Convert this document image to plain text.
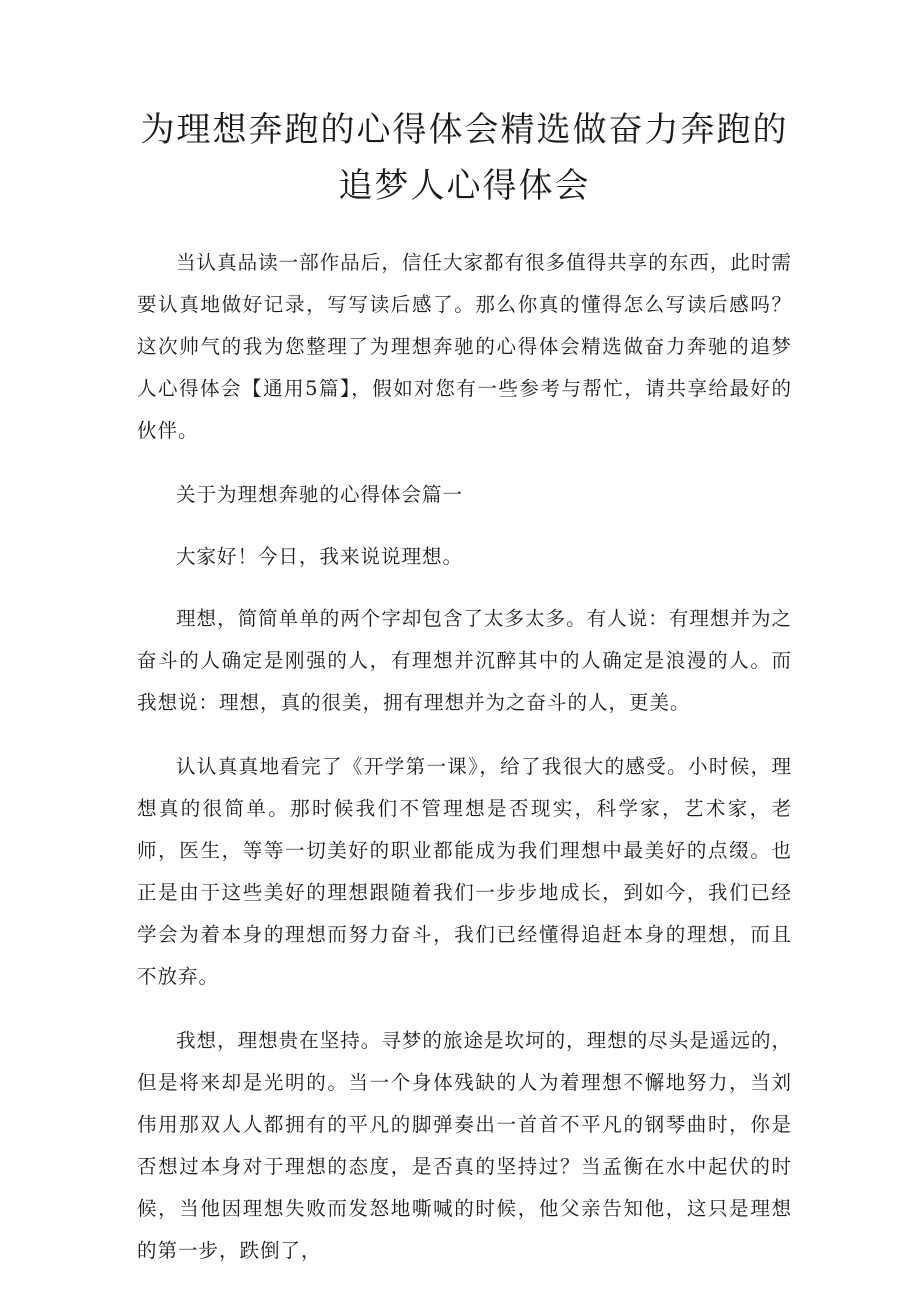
为理想奔跑的心得体会精选做奋力奔跑的
追梦人心得体会

当认真品读一部作品后，信任大家都有很多值得共享的东西，此时需要认真地做好记录，写写读后感了。那么你真的懂得怎么写读后感吗？这次帅气的我为您整理了为理想奔驰的心得体会精选做奋力奔驰的追梦人心得体会【通用5篇】，假如对您有一些参考与帮忙，请共享给最好的伙伴。

关于为理想奔驰的心得体会篇一

大家好！今日，我来说说理想。

理想，简简单单的两个字却包含了太多太多。有人说：有理想并为之奋斗的人确定是刚强的人，有理想并沉醉其中的人确定是浪漫的人。而我想说：理想，真的很美，拥有理想并为之奋斗的人，更美。

认认真真地看完了《开学第一课》，给了我很大的感受。小时候，理想真的很简单。那时候我们不管理想是否现实，科学家，艺术家，老师，医生，等等一切美好的职业都能成为我们理想中最美好的点缀。也正是由于这些美好的理想跟随着我们一步步地成长，到如今，我们已经学会为着本身的理想而努力奋斗，我们已经懂得追赶本身的理想，而且不放弃。

我想，理想贵在坚持。寻梦的旅途是坎坷的，理想的尽头是遥远的，但是将来却是光明的。当一个身体残缺的人为着理想不懈地努力，当刘伟用那双人人都拥有的平凡的脚弹奏出一首首不平凡的钢琴曲时，你是否想过本身对于理想的态度，是否真的坚持过？当孟衡在水中起伏的时候，当他因理想失败而发怒地嘶喊的时候，他父亲告知他，这只是理想的第一步，跌倒了，
